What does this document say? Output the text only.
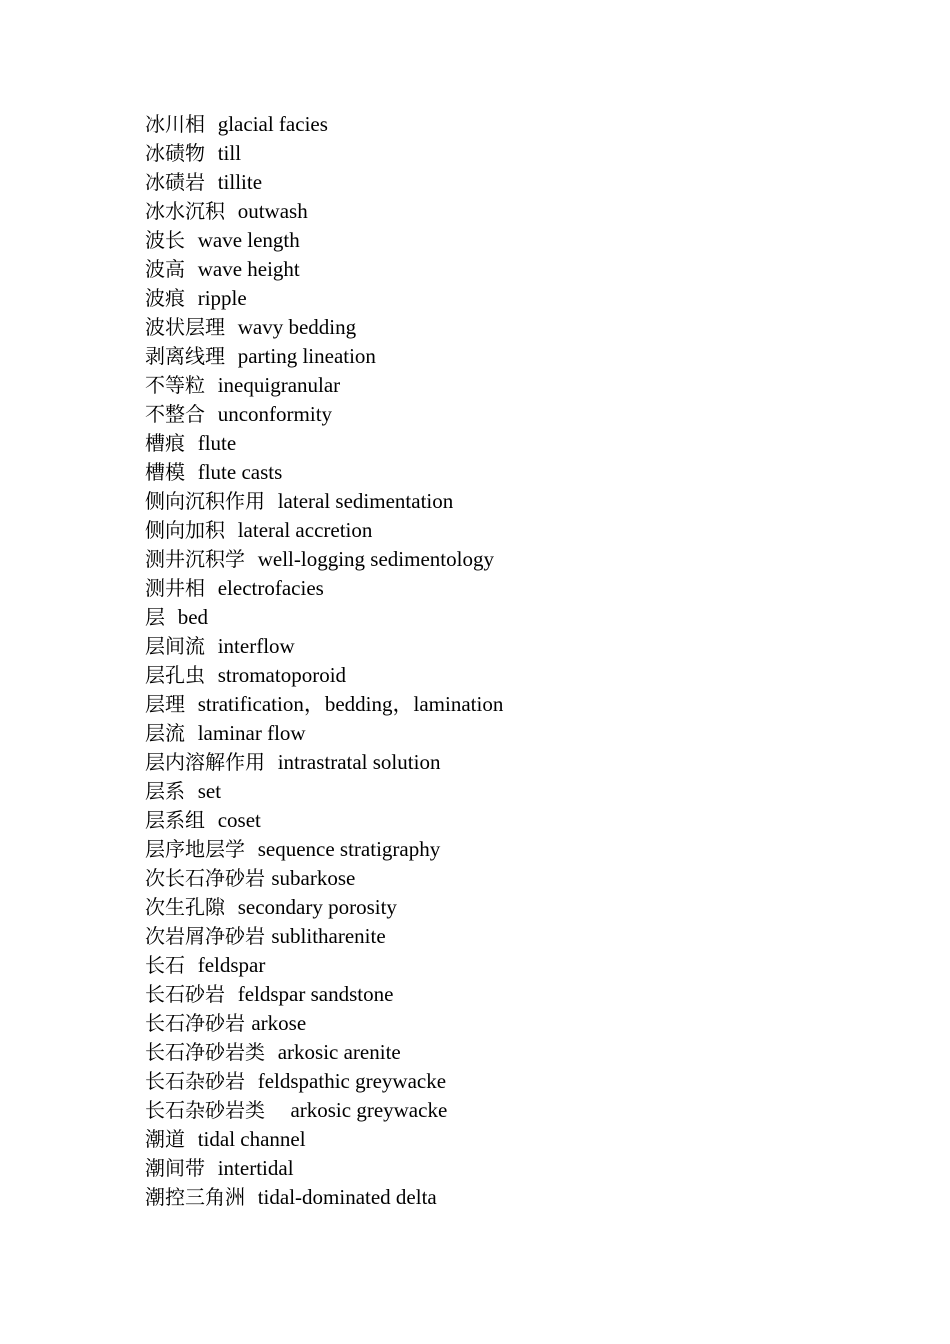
冰川相 glacial facies
冰碛物 till
冰碛岩 tillite
冰水沉积 outwash
波长 wave length
波高 wave height
波痕 ripple
波状层理 wavy bedding
剥离线理 parting lineation
不等粒 inequigranular
不整合 unconformity
槽痕 flute
槽模 flute casts
侧向沉积作用 lateral sedimentation
侧向加积 lateral accretion
测井沉积学 well-logging sedimentology
测井相 electrofacies
层 bed
层间流 interflow
层孔虫 stromatoporoid
层理 stratification，bedding，lamination
层流 laminar flow
层内溶解作用 intrastratal solution
层系 set
层系组 coset
层序地层学 sequence stratigraphy
次长石净砂岩 subarkose
次生孔隙 secondary porosity
次岩屑净砂岩 sublitharenite
长石 feldspar
长石砂岩 feldspar sandstone
长石净砂岩 arkose
长石净砂岩类 arkosic arenite
长石杂砂岩 feldspathic greywacke
长石杂砂岩类 arkosic greywacke
潮道 tidal channel
潮间带 intertidal
潮控三角洲 tidal-dominated delta
